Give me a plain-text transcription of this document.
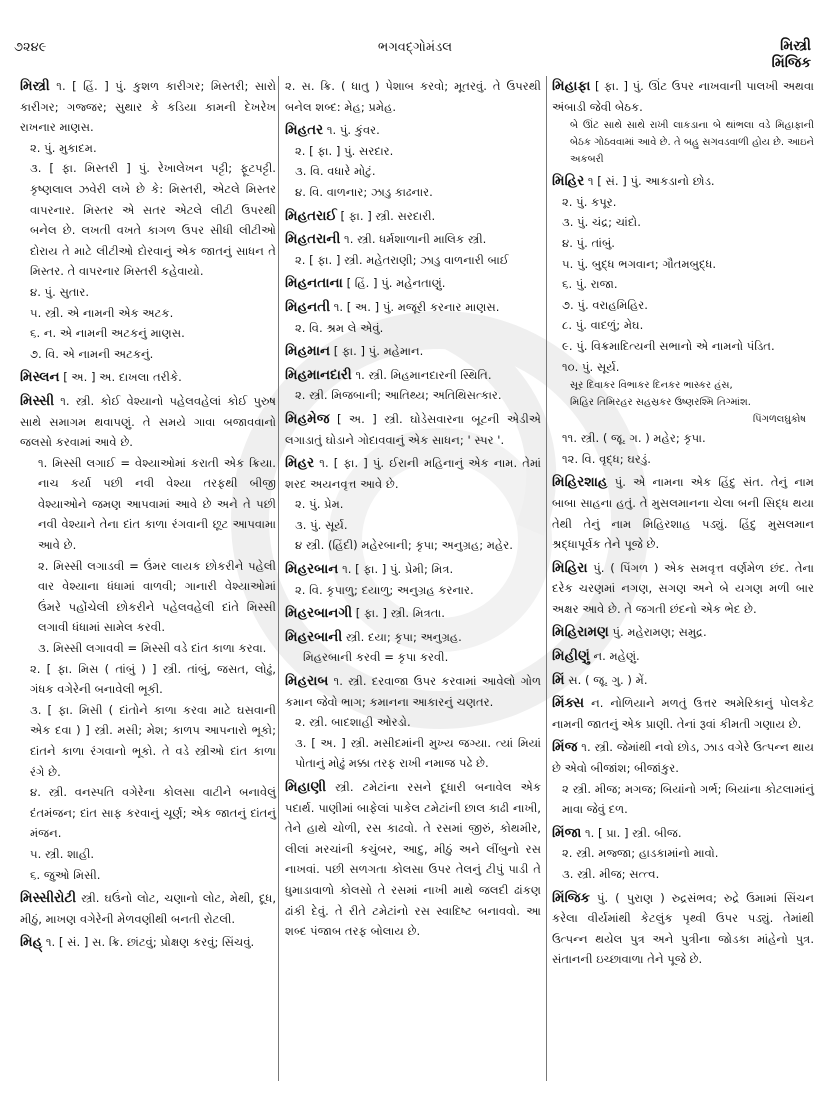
૭૨૪૯	ભગવદ્ગોમંડલ	મિસ્ત્રી
મિંજિક
મિસ્ત્રી ૧. [ હિં. ] પું. કુશળ કારીગર; મિસ્તરી; સારો કારીગર; ગજ્જર; સુથાર કે કડિયા કામની દેખરેખ રાખનાર માણસ.
૨. પું. મુકાદમ.
૩. [ ફા. મિસ્તરી ] પું. રેખાલેખન પટ્ટી; ફૂટપટ્ટી. કૃષ્ણલાલ ઝવેરી લખે છે કે: મિસ્તરી, એટલે મિસ્તર વાપરનાર. મિસ્તર એ સતર એટલે લીટી ઉપરથી બનેલ છે. લખતી વખતે કાગળ ઉપર સીધી લીટીઓ દોરાય તે માટે લીટીઓ દોરવાનું એક જાતનું સાધન તે મિસ્તર. તે વાપરનાર મિસ્તરી કહેવાયો.
૪. પું. સુતાર.
૫. સ્ત્રી. એ નામની એક અટક.
૬. ન. એ નામની અટકનું માણસ.
૭. વિ. એ નામની અટકનું.
મિસ્લન [ અ. ] અ. દાખલા તરીકે.
મિસ્સી ૧. સ્ત્રી. કોઈ વેશ્યાનો પહેલવહેલાં કોઈ પુરુષ સાથે સમાગમ થવાપણું. તે સમયે ગાવા બજાવવાનો જલસો કરવામાં આવે છે.
૧. મિસ્સી લગાઈ = વેશ્યાઓમાં કરાતી એક ક્રિયા. નાચ કર્યા પછી નવી વેશ્યા તરફથી બીજી વેશ્યાઓને જમણ આપવામાં આવે છે અને તે પછી નવી વેશ્યાને તેના દાંત કાળા રંગવાની છૂટ આપવામા આવે છે.
૨. મિસ્સી લગાડવી = ઉંમર લાયક છોકરીને પહેલી વાર વેશ્યાના ધંધામાં વાળવી; ગાનારી વેશ્યાઓમાં ઉંમરે પહોંચેલી છોકરીને પહેલવહેલી દાંતે મિસ્સી લગાવી ધંધામાં સામેલ કરવી.
૩. મિસ્સી લગાવવી = મિસ્સી વડે દાંત કાળા કરવા.
૨. [ ફા. મિસ ( તાંબું ) ] સ્ત્રી. તાંબું, જસત, લોઢું, ગંધક વગેરેની બનાવેલી ભૂકી.
૩. [ ફા. મિસી ( દાંતોને કાળા કરવા માટે ઘસવાની એક દવા ) ] સ્ત્રી. મસી; મેશ; કાળપ આપનારો ભૂકો; દાંતને કાળા રંગવાનો ભૂકો. તે વડે સ્ત્રીઓ દાંત કાળા રંગે છે.
૪. સ્ત્રી. વનસ્પતિ વગેરેના કોલસા વાટીને બનાવેલું દંતમંજન; દાંત સાફ કરવાનું ચૂર્ણ; એક જાતનું દાંતનું મંજન.
૫. સ્ત્રી. શાહી.
૬. જુઓ મિસી.
મિસ્સીરોટી સ્ત્રી. ઘઉંનો લોટ, ચણાનો લોટ, મેથી, દૂધ, મીઠું, માખણ વગેરેની મેળવણીથી બનતી રોટલી.
મિહ્ ૧. [ સં. ] સ. ક્રિ. છાંટવું; પ્રોક્ષણ કરવું; સિંચવું.
૨. સ. ક્રિ. ( ધાતુ ) પેશાબ કરવો; મૂતરવું. તે ઉપરથી બનેલ શબ્દ: મેહ; પ્રમેહ.
મિહતર ૧. પું. કુંવર.
૨. [ ફા. ] પું. સરદાર.
૩. વિ. વધારે મોટું.
૪. વિ. વાળનાર; ઝાડુ કાઢનાર.
મિહતરાઈ [ ફા. ] સ્ત્રી. સરદારી.
મિહતરાની ૧. સ્ત્રી. ધર્મશાળાની માલિક સ્ત્રી.
૨. [ ફા. ] સ્ત્રી. મહેતરાણી; ઝાડુ વાળનારી બાઈ
મિહનતાના [ હિં. ] પું. મહેનતાણું.
મિહનતી ૧. [ અ. ] પું. મજૂરી કરનાર માણસ.
૨. વિ. શ્રમ લે એવું.
મિહમાન [ ફા. ] પું. મહેમાન.
મિહમાનદારી ૧. સ્ત્રી. મિહમાનદારની સ્થિતિ.
૨. સ્ત્રી. મિજબાની; આતિથ્ય; અતિથિસત્કાર.
મિહમેજ [ અ. ] સ્ત્રી. ઘોડેસવારના બૂટની એડીએ લગાડાતું ઘોડાને ગોદાવવાનું એક સાધન; ' સ્પર '.
મિહર ૧. [ ફા. ] પું. ઈરાની મહિનાનું એક નામ. તેમાં શરદ અયનવૃત્ત આવે છે.
૨. પું. પ્રેમ.
૩. પું. સૂર્ય.
૪ સ્ત્રી. (હિંદી) મહેરબાની; કૃપા; અનુગ્રહ; મહેર.
મિહરબાન ૧. [ ફા. ] પું. પ્રેમી; મિત્ર.
૨. વિ. કૃપાળુ; દયાળુ; અનુગ્રહ કરનાર.
મિહરબાનગી [ ફા. ] સ્ત્રી. મિત્રતા.
મિહરબાની સ્ત્રી. દયા; કૃપા; અનુગ્રહ.
મિહરબાની કરવી = કૃપા કરવી.
મિહરાબ ૧. સ્ત્રી. દરવાજા ઉપર કરવામાં આવેલો ગોળ કમાન જેવો ભાગ; કમાનના આકારનું ચણતર.
૨. સ્ત્રી. બાદશાહી ઓરડો.
૩. [ અ. ] સ્ત્રી. મસીદમાંની મુખ્ય જગ્યા. ત્યાં મિયાં પોતાનું મોઢું મક્કા તરફ રાખી નમાજ પઢે છે.
મિહાણી સ્ત્રી. ટમેટાંના રસને દૂધારી બનાવેલ એક પદાર્થ. પાણીમાં બાફેલાં પાકેલ ટમેટાંની છાલ કાઢી નાખી, તેને હાથે ચોળી, રસ કાઢવો. તે રસમાં જીરું, કોથમીર, લીલાં મરચાંની કચુંબર, આદુ, મીઠું અને લીંબુનો રસ નાખવાં. પછી સળગતા કોલસા ઉપર તેલનું ટીપું પાડી તે ધુમાડાવાળો કોલસો તે રસમાં નાખી માથે જલદી ઢાંકણ ઢાંકી દેવું. તે રીતે ટમેટાંનો રસ સ્વાદિષ્ટ બનાવવો. આ શબ્દ પંજાબ તરફ બોલાય છે.
મિહાફા [ ફા. ] પું. ઊંટ ઉપર નાખવાની પાલખી અથવા અંબાડી જેવી બેઠક.
બે ઊંટ સાથે સાથે રાખી લાકડાના બે થાંભલા વડે મિહાફાની બેઠક ગોઠવવામાં આવે છે. તે બહુ સગવડવાળી હોય છે. આઇને અકબરી
મિહિર ૧ [ સં. ] પું. આકડાનો છોડ.
૨. પું. કપૂર.
૩. પું. ચંદ્ર; ચાંદો.
૪. પું. તાંબું.
૫. પું. બુદ્ધ ભગવાન; ગૌતમબુદ્ધ.
૬. પું. રાજા.
૭. પું. વરાહમિહિર.
૮. પું. વાદળું; મેઘ.
૯. પું. વિક્રમાદિત્યની સભાનો એ નામનો પંડિત.
૧૦. પું. સૂર્ય.
સૂર દિવાકર વિભાકર દિનકર ભાસ્કર હંસ,
મિહિર તિમિરહર સહસ્રકર ઉષ્ણરશ્મિ તિગ્માંશ.
પિંગળલઘુકોષ
૧૧. સ્ત્રી. ( જૂ. ગ. ) મહેર; કૃપા.
૧૨. વિ. વૃદ્ધ; ઘરડું.
મિહિરશાહ પું. એ નામના એક હિંદુ સંત. તેનું નામ બાબા સાહના હતું. તે મુસલમાનના ચેલા બની સિદ્ધ થયા તેથી તેનું નામ મિહિરશાહ પડ્યું. હિંદુ મુસલમાન શ્રદ્ધાપૂર્વક તેને પૂજે છે.
મિહિરા પું. ( પિંગળ ) એક સમવૃત્ત વર્ણમેળ છંદ. તેના દરેક ચરણમાં નગણ, સગણ અને બે યગણ મળી બાર અક્ષર આવે છે. તે જગતી છંદનો એક ભેદ છે.
મિહિરામણ પું. મહેરામણ; સમુદ્ર.
મિહીણું ન. મહેણું.
મિં સ. ( જૂ. ગુ. ) મેં.
મિંક્સ ન. નોળિયાને મળતું ઉત્તર અમેરિકાનું પોલકેટ નામની જાતનું એક પ્રાણી. તેનાં રૂવાં કીમતી ગણાય છે.
મિંજ ૧. સ્ત્રી. જેમાંથી નવો છોડ, ઝાડ વગેરે ઉત્પન્ન થાય છે એવો બીજાંશ; બીજાંકુર.
૨ સ્ત્રી. મીજ; મગજ; બિયાંનો ગર્ભ; બિયાંના કોટલામાંનું માવા જેવું દળ.
મિંજા ૧. [ પ્રા. ] સ્ત્રી. બીજ.
૨. સ્ત્રી. મજ્જા; હાડકામાંનો માવો.
૩. સ્ત્રી. મીજ; સત્ત્વ.
મિંજિક પું. ( પુરાણ ) રુદ્રસંભવ; રુદ્રે ઉમામાં સિંચન કરેલા વીર્યમાંથી કેટલુંક પૃથ્વી ઉપર પડ્યું. તેમાંથી ઉત્પન્ન થયેલ પુત્ર અને પુત્રીના જોડકા માંહેનો પુત્ર. સંતાનની ઇચ્છાવાળા તેને પૂજે છે.
